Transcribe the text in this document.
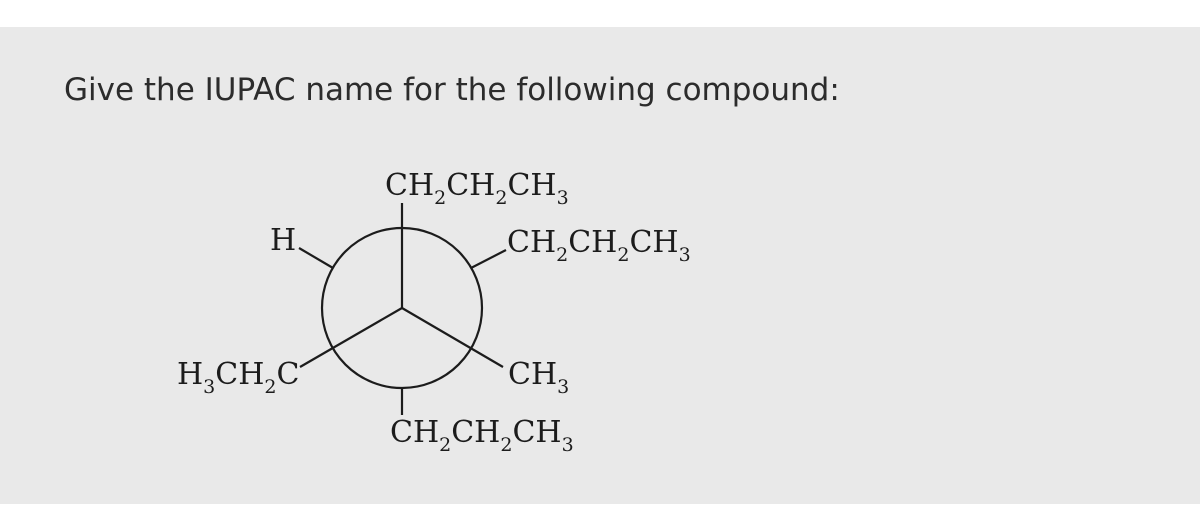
Give the IUPAC name for the following compound:

$CH_2CH_2CH_3$
H	$CH_2CH_2CH_3$
$H_3CH_2C$	$CH_3$
$CH_2CH_2CH_3$
